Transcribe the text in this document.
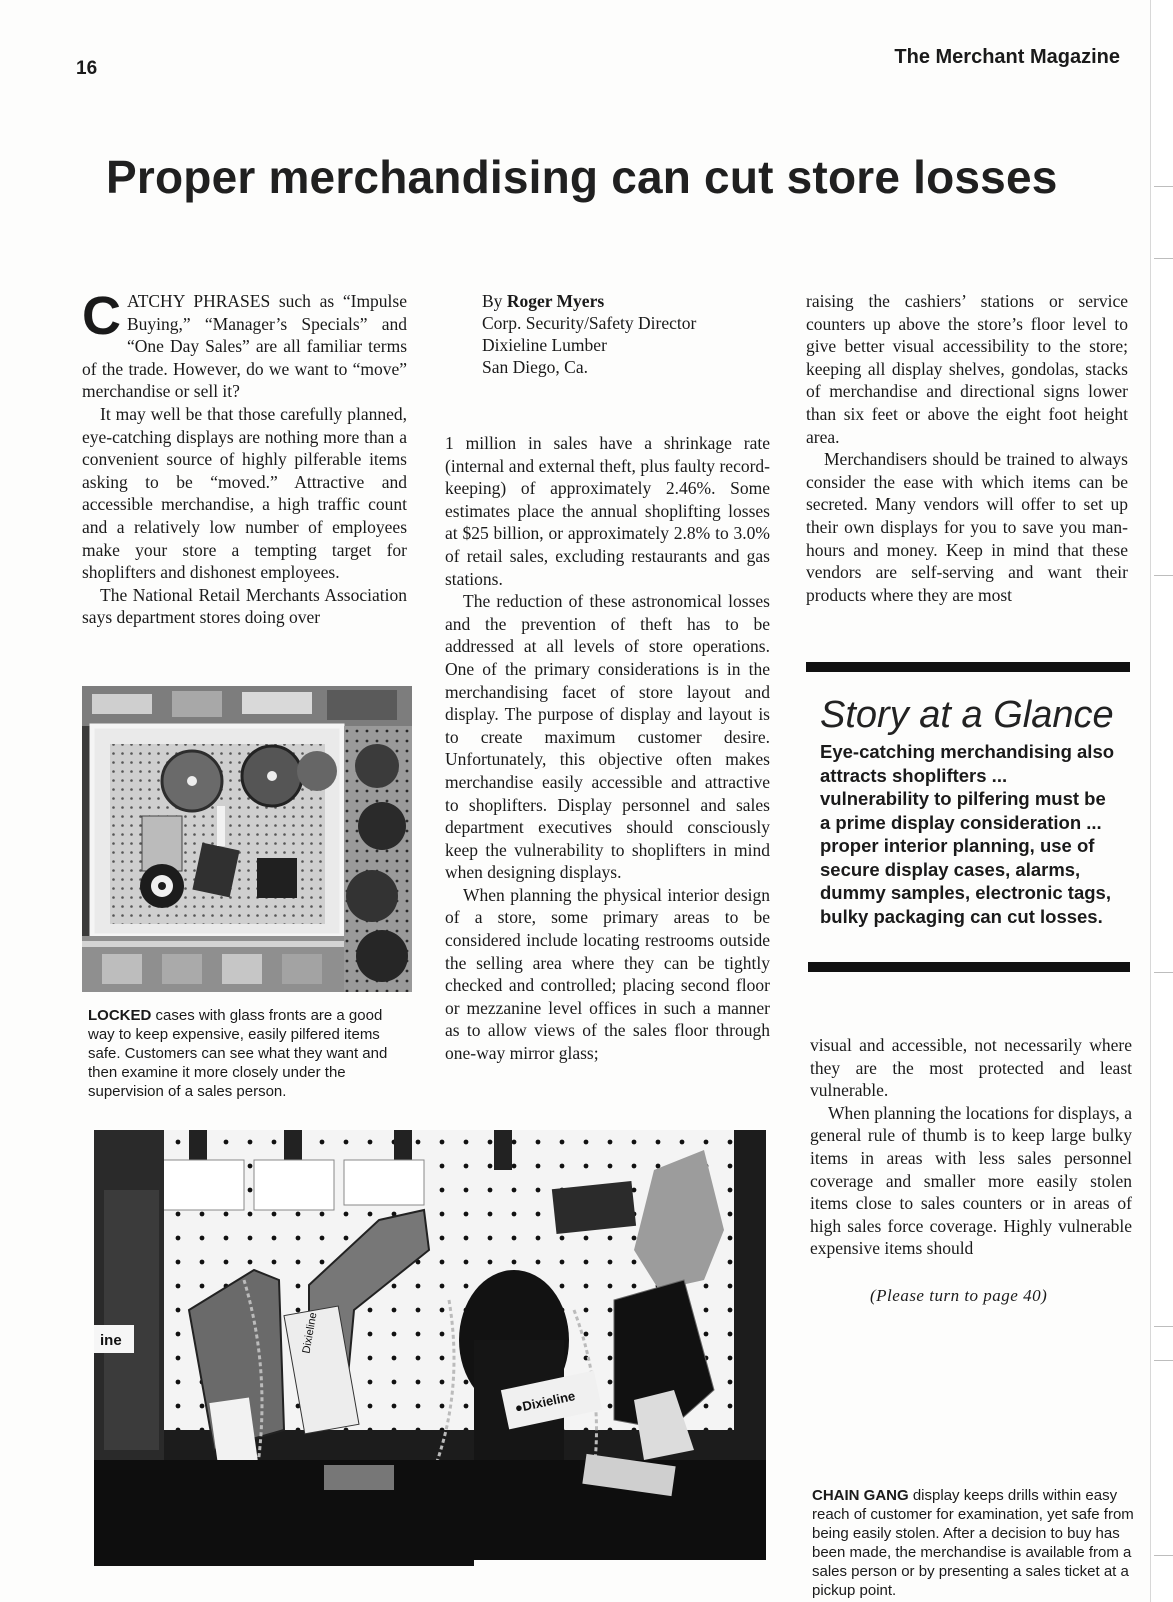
16
The Merchant Magazine
Proper merchandising can cut store losses

CATCHY PHRASES such as “Impulse Buying,” “Manager’s Specials” and “One Day Sales” are all familiar terms of the trade. However, do we want to “move” merchandise or sell it?

It may well be that those carefully planned, eye-catching displays are nothing more than a convenient source of highly pilferable items asking to be “moved.” Attractive and accessible merchandise, a high traffic count and a relatively low number of employees make your store a tempting target for shoplifters and dishonest employees.

The National Retail Merchants Association says department stores doing over

LOCKED cases with glass fronts are a good way to keep expensive, easily pilfered items safe. Customers can see what they want and then examine it more closely under the supervision of a sales person.
By Roger Myers
Corp. Security/Safety Director
Dixieline Lumber
San Diego, Ca.

1 million in sales have a shrinkage rate (internal and external theft, plus faulty record-keeping) of approximately 2.46%. Some estimates place the annual shoplifting losses at $25 billion, or approximately 2.8% to 3.0% of retail sales, excluding restaurants and gas stations.

The reduction of these astronomical losses and the prevention of theft has to be addressed at all levels of store operations. One of the primary considerations is in the merchandising facet of store layout and display. The purpose of display and layout is to create maximum customer desire. Unfortunately, this objective often makes merchandise easily accessible and attractive to shoplifters. Display personnel and sales department executives should consciously keep the vulnerability to shoplifters in mind when designing displays.

When planning the physical interior design of a store, some primary areas to be considered include locating restrooms outside the selling area where they can be tightly checked and controlled; placing second floor or mezzanine level offices in such a manner as to allow views of the sales floor through one-way mirror glass;

raising the cashiers’ stations or service counters up above the store’s floor level to give better visual accessibility to the store; keeping all display shelves, gondolas, stacks of merchandise and directional signs lower than six feet or above the eight foot height area.

Merchandisers should be trained to always consider the ease with which items can be secreted. Many vendors will offer to set up their own displays for you to save you man-hours and money. Keep in mind that these vendors are self-serving and want their products where they are most

Story at a Glance
Eye-catching merchandising also attracts shoplifters ... vulnerability to pilfering must be a prime display consideration ... proper interior planning, use of secure display cases, alarms, dummy samples, electronic tags, bulky packaging can cut losses.

visual and accessible, not necessarily where they are the most protected and least vulnerable.

When planning the locations for displays, a general rule of thumb is to keep large bulky items in areas with less sales personnel coverage and smaller more easily stolen items close to sales counters or in areas of high sales force coverage. Highly vulnerable expensive items should

(Please turn to page 40)
ine	Dixieline
●Dixieline
CHAIN GANG display keeps drills within easy reach of customer for examination, yet safe from being easily stolen. After a decision to buy has been made, the merchandise is available from a sales person or by presenting a sales ticket at a pickup point.
